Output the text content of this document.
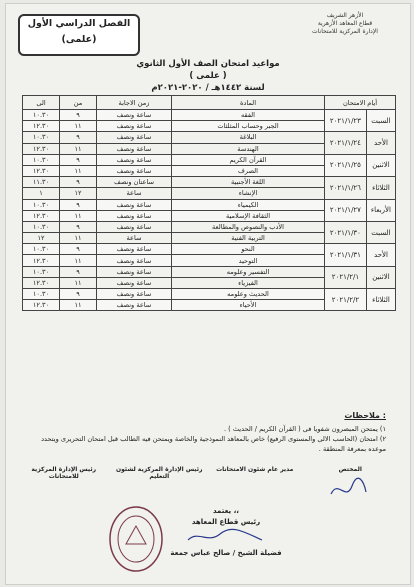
الفصل الدراسي الأول
(علمى)
الأزهر الشريف
قطاع المعاهد الأزهرية
الإدارة المركزية للامتحانات
مواعيد امتحان الصف الأول الثانوي ( علمى )
لسنة ١٤٤٢هـ / ٢٠٢٠-٢٠٢١م
أيام الامتحان		المادة	زمن الاجابة	من	الى
السبت	٢٠٢١/١/٢٣	الفقه	ساعة ونصف	٩	١٠.٣٠
		الجبر وحساب المثلثات	ساعة ونصف	١١	١٢.٣٠
الأحد	٢٠٢١/١/٢٤	البلاغة	ساعة ونصف	٩	١٠.٣٠
		الهندسة	ساعة ونصف	١١	١٢.٣٠
الاثنين	٢٠٢١/١/٢٥	القرآن الكريم	ساعة ونصف	٩	١٠.٣٠
		الصرف	ساعة ونصف	١١	١٢.٣٠
الثلاثاء	٢٠٢١/١/٢٦	اللغة الأجنبية	ساعتان ونصف	٩	١١.٣٠
		الإنشاء	ساعة	١٢	١
الأربعاء	٢٠٢١/١/٢٧	الكيمياء	ساعة ونصف	٩	١٠.٣٠
		الثقافة الإسلامية	ساعة ونصف	١١	١٢.٣٠
السبت	٢٠٢١/١/٣٠	الأدب والنصوص والمطالعة	ساعة ونصف	٩	١٠.٣٠
		التربية الفنية	ساعة	١١	١٢
الأحد	٢٠٢١/١/٣١	النحو	ساعة ونصف	٩	١٠.٣٠
		التوحيد	ساعة ونصف	١١	١٢.٣٠
الاثنين	٢٠٢١/٢/١	التفسير وعلومه	ساعة ونصف	٩	١٠.٣٠
		الفيزياء	ساعة ونصف	١١	١٢.٣٠
الثلاثاء	٢٠٢١/٢/٢	الحديث وعلومه	ساعة ونصف	٩	١٠.٣٠
		الأحياء	ساعة ونصف	١١	١٢.٣٠
ملاحظات :
١) يمتحن المبصرون شفويا فى ( القرآن الكريم / الحديث ) .
٢) امتحان (الحاسب الالى والمستوى الرفيع) خاص بالمعاهد النموذجية والخاصة ويمتحن فيه الطالب قبل امتحان التحريرى ويتحدد موعده بمعرفة المنطقة .
المختص
مدير عام شئون الامتحانات
رئيس الإدارة المركزية لشئون التعليم
رئيس الإدارة المركزية للامتحانات
يعتمد ،،
رئيس قطاع المعاهد
فضيلة الشيخ / صالح عباس جمعة
